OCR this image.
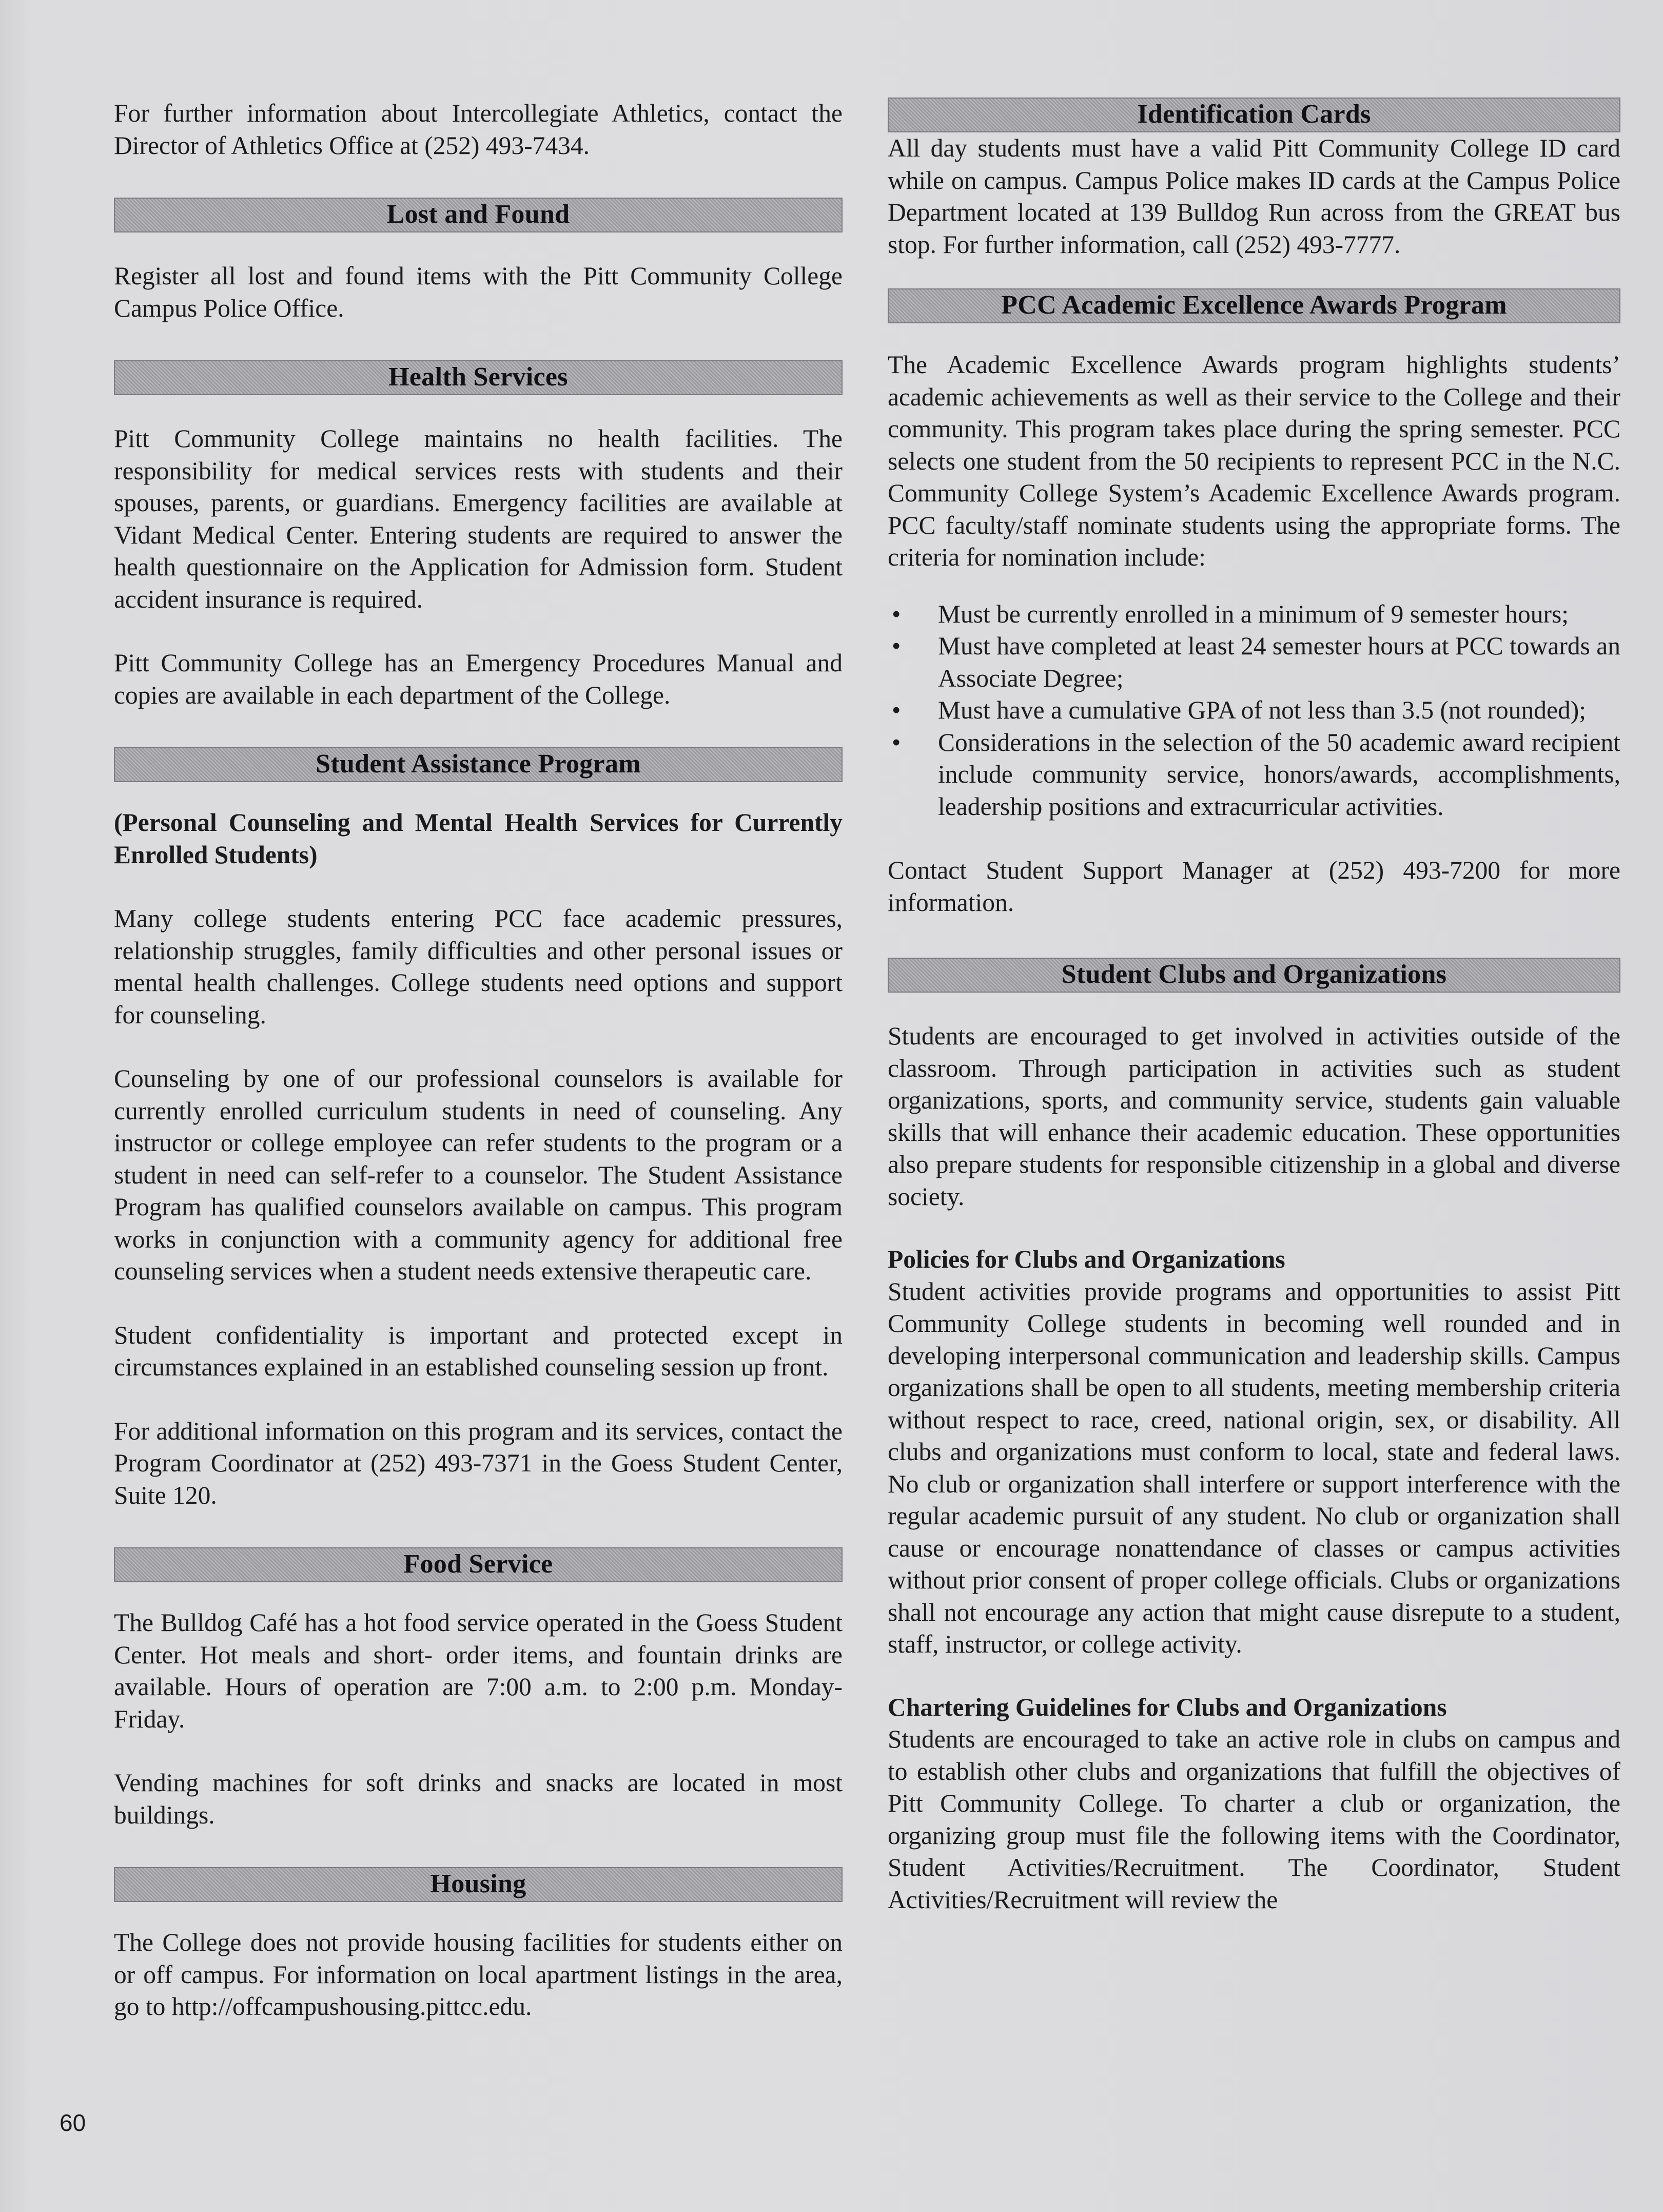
For further information about Intercollegiate Athletics, contact the Director of Athletics Office at (252) 493-7434.

Lost and Found

Register all lost and found items with the Pitt Community College Campus Police Office.

Health Services

Pitt Community College maintains no health facilities. The responsibility for medical services rests with students and their spouses, parents, or guardians. Emergency facilities are available at Vidant Medical Center. Entering students are required to answer the health questionnaire on the Application for Admission form. Student accident insurance is required.

Pitt Community College has an Emergency Procedures Manual and copies are available in each department of the College.

Student Assistance Program

(Personal Counseling and Mental Health Services for Currently Enrolled Students)

Many college students entering PCC face academic pressures, relationship struggles, family difficulties and other personal issues or mental health challenges. College students need options and support for counseling.

Counseling by one of our professional counselors is available for currently enrolled curriculum students in need of counseling. Any instructor or college employee can refer students to the program or a student in need can self-refer to a counselor. The Student Assistance Program has qualified counselors available on campus. This program works in conjunction with a community agency for additional free counseling services when a student needs extensive therapeutic care.

Student confidentiality is important and protected except in circumstances explained in an established counseling session up front.

For additional information on this program and its services, contact the Program Coordinator at (252) 493-7371 in the Goess Student Center, Suite 120.

Food Service

The Bulldog Café has a hot food service operated in the Goess Student Center. Hot meals and short- order items, and fountain drinks are available. Hours of operation are 7:00 a.m. to 2:00 p.m. Monday-Friday.

Vending machines for soft drinks and snacks are located in most buildings.

Housing

The College does not provide housing facilities for students either on or off campus. For information on local apartment listings in the area, go to http://offcampushousing.pittcc.edu.

Identification Cards

All day students must have a valid Pitt Community College ID card while on campus. Campus Police makes ID cards at the Campus Police Department located at 139 Bulldog Run across from the GREAT bus stop. For further information, call (252) 493-7777.

PCC Academic Excellence Awards Program

The Academic Excellence Awards program highlights students’ academic achievements as well as their service to the College and their community. This program takes place during the spring semester. PCC selects one student from the 50 recipients to represent PCC in the N.C. Community College System’s Academic Excellence Awards program. PCC faculty/staff nominate students using the appropriate forms. The criteria for nomination include:

• Must be currently enrolled in a minimum of 9 semester hours;
• Must have completed at least 24 semester hours at PCC towards an Associate Degree;
• Must have a cumulative GPA of not less than 3.5 (not rounded);
• Considerations in the selection of the 50 academic award recipient include community service, honors/awards, accomplishments, leadership positions and extracurricular activities.

Contact Student Support Manager at (252) 493-7200 for more information.

Student Clubs and Organizations

Students are encouraged to get involved in activities outside of the classroom. Through participation in activities such as student organizations, sports, and community service, students gain valuable skills that will enhance their academic education. These opportunities also prepare students for responsible citizenship in a global and diverse society.

Policies for Clubs and Organizations

Student activities provide programs and opportunities to assist Pitt Community College students in becoming well rounded and in developing interpersonal communication and leadership skills. Campus organizations shall be open to all students, meeting membership criteria without respect to race, creed, national origin, sex, or disability. All clubs and organizations must conform to local, state and federal laws. No club or organization shall interfere or support interference with the regular academic pursuit of any student. No club or organization shall cause or encourage nonattendance of classes or campus activities without prior consent of proper college officials. Clubs or organizations shall not encourage any action that might cause disrepute to a student, staff, instructor, or college activity.

Chartering Guidelines for Clubs and Organizations

Students are encouraged to take an active role in clubs on campus and to establish other clubs and organizations that fulfill the objectives of Pitt Community College. To charter a club or organization, the organizing group must file the following items with the Coordinator, Student Activities/Recruitment. The Coordinator, Student Activities/Recruitment will review the

60
